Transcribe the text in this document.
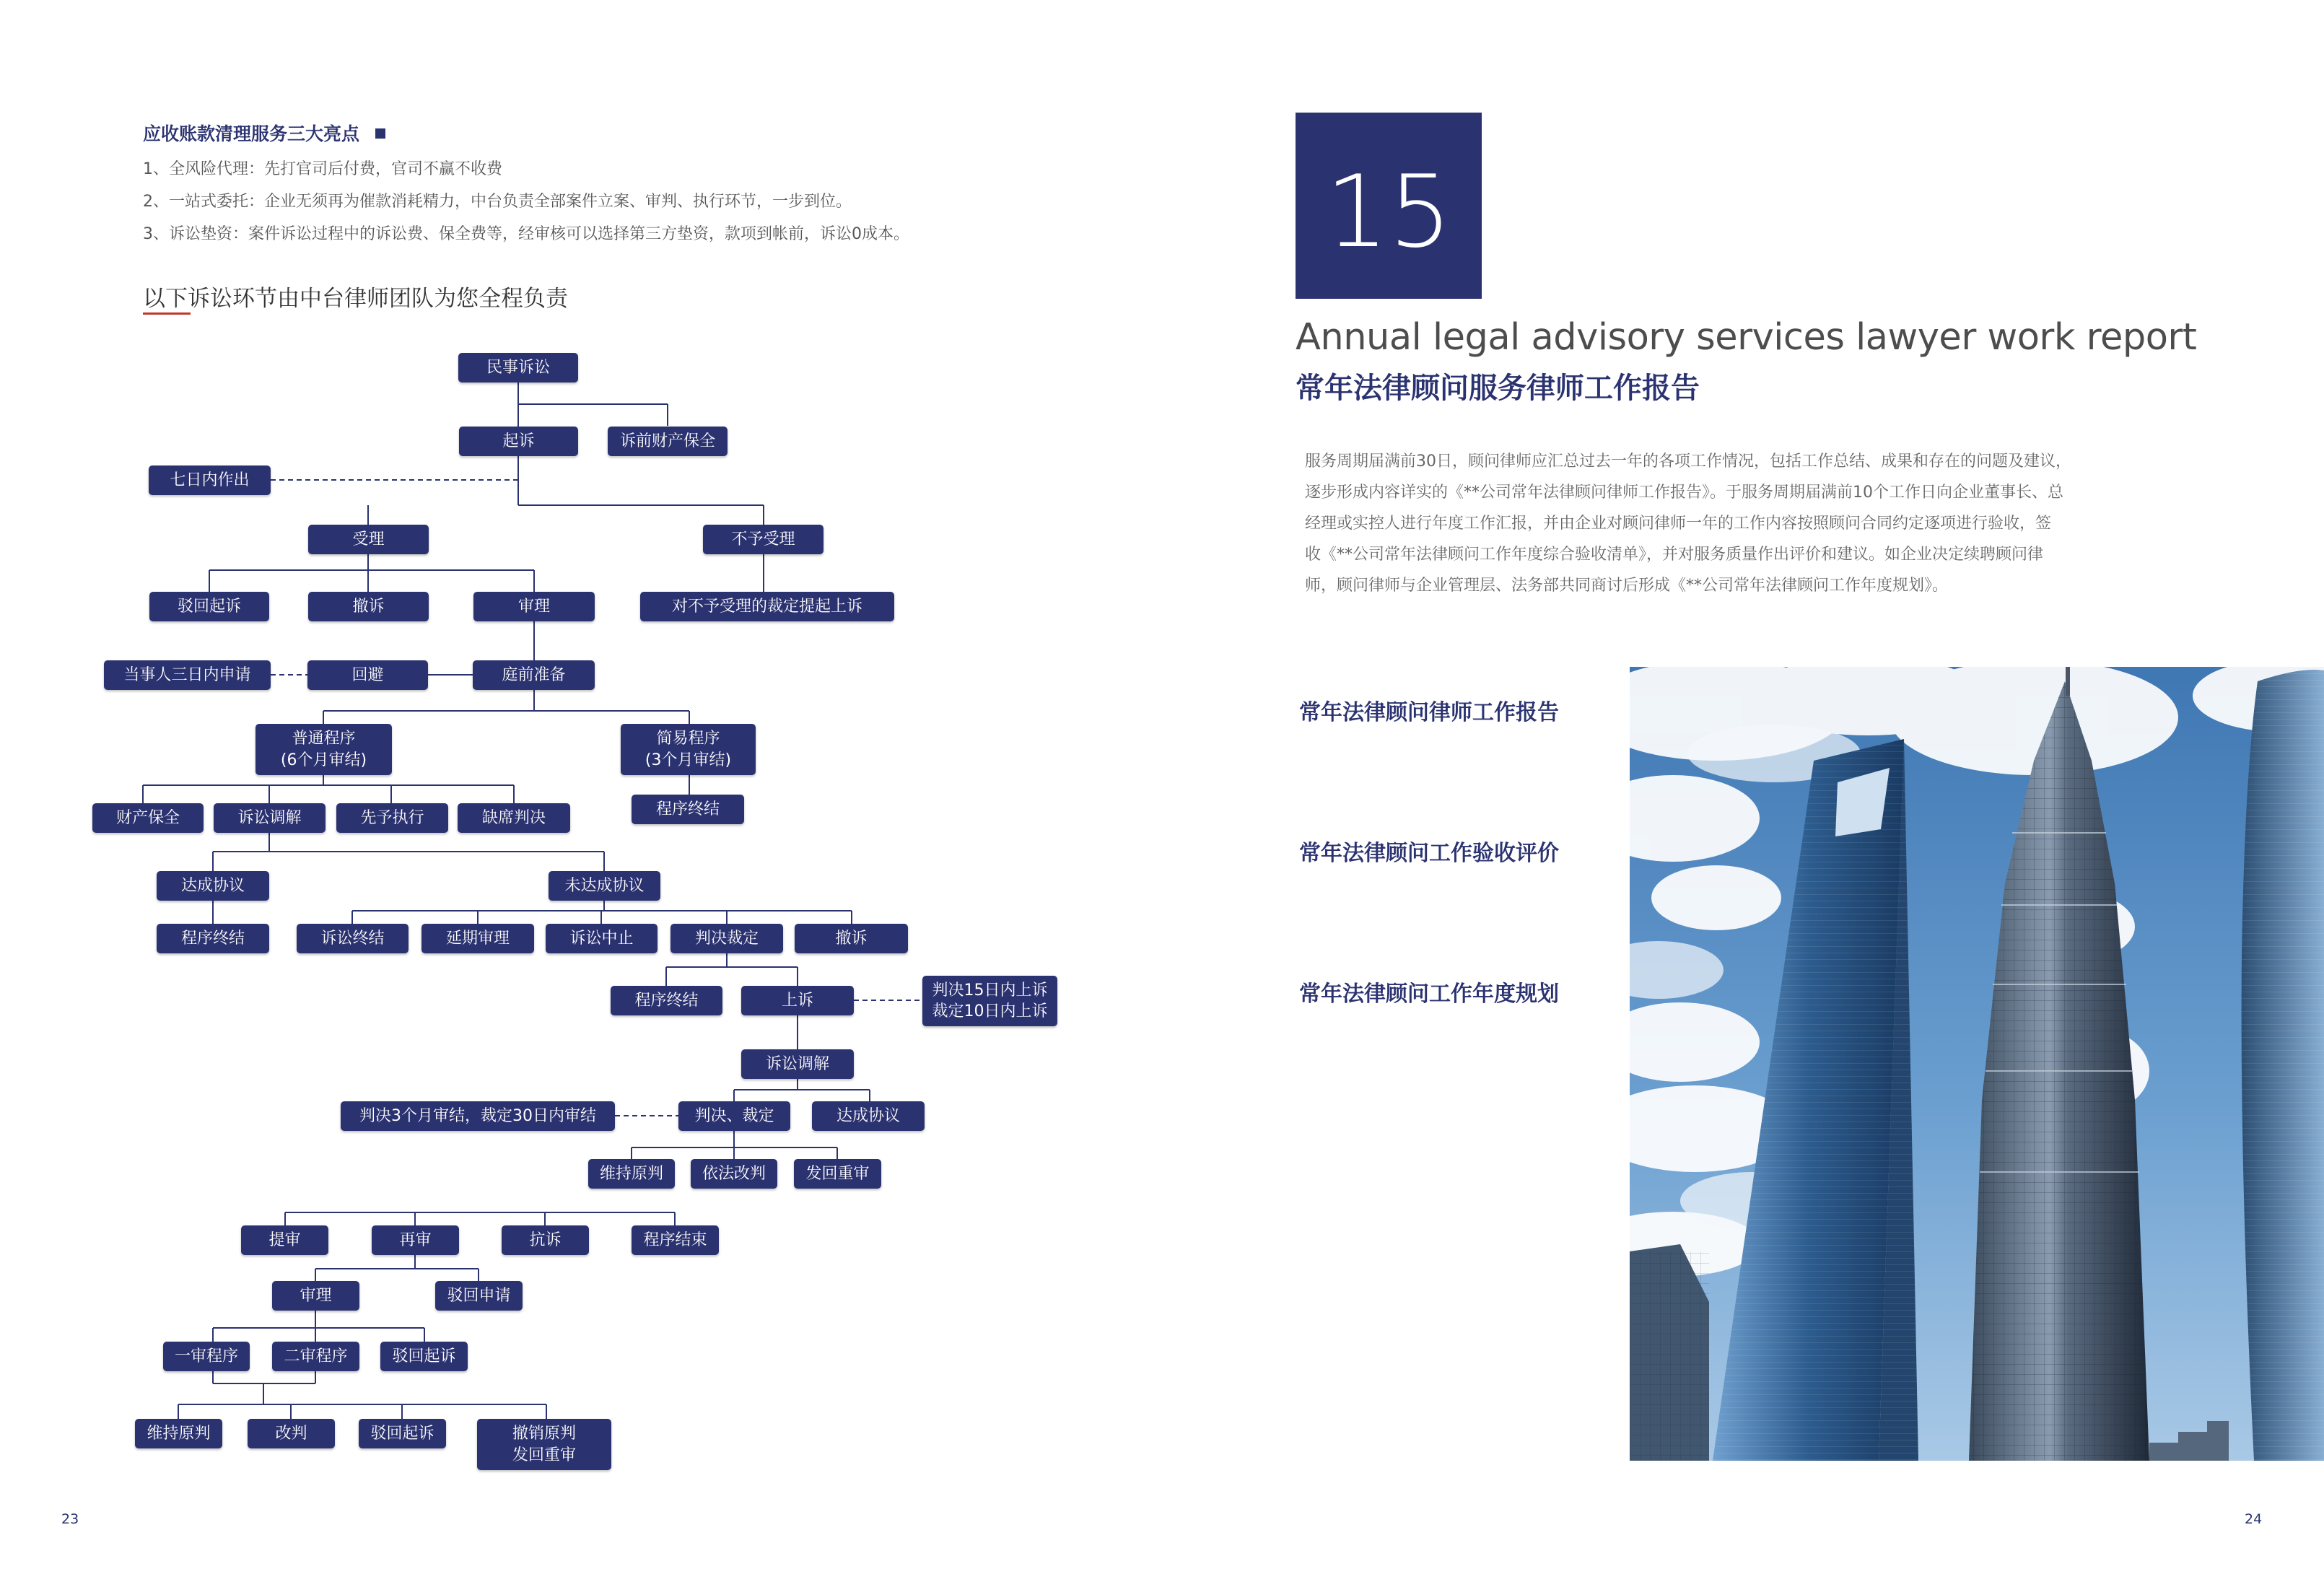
应收账款清理服务三大亮点
1、全风险代理：先打官司后付费，官司不赢不收费
2、一站式委托：企业无须再为催款消耗精力，中台负责全部案件立案、审判、执行环节，一步到位。
3、诉讼垫资：案件诉讼过程中的诉讼费、保全费等，经审核可以选择第三方垫资，款项到帐前，诉讼0成本。
以下诉讼环节由中台律师团队为您全程负责
民事诉讼
起诉	诉前财产保全
七日内作出
受理	不予受理
驳回起诉	撤诉	审理	对不予受理的裁定提起上诉
当事人三日内申请	回避	庭前准备
普通程序
(6个月审结)
简易程序
(3个月审结)
程序终结
财产保全	诉讼调解	先予执行	缺席判决
达成协议	未达成协议
程序终结	诉讼终结	延期审理	诉讼中止	判决裁定	撤诉
程序终结	上诉
判决15日内上诉
裁定10日内上诉
诉讼调解
判决3个月审结，裁定30日内审结	判决、裁定	达成协议
维持原判	依法改判	发回重审
提审	再审	抗诉	程序结束
审理	驳回申请
一审程序	二审程序	驳回起诉
维持原判	改判	驳回起诉	撤销原判
发回重审
23
15
Annual legal advisory services lawyer work report
常年法律顾问服务律师工作报告
服务周期届满前30日，顾问律师应汇总过去一年的各项工作情况，包括工作总结、成果和存在的问题及建议，
逐步形成内容详实的《**公司常年法律顾问律师工作报告》。于服务周期届满前10个工作日向企业董事长、总
经理或实控人进行年度工作汇报，并由企业对顾问律师一年的工作内容按照顾问合同约定逐项进行验收，签
收《**公司常年法律顾问工作年度综合验收清单》，并对服务质量作出评价和建议。如企业决定续聘顾问律
师，顾问律师与企业管理层、法务部共同商讨后形成《**公司常年法律顾问工作年度规划》。
常年法律顾问律师工作报告
常年法律顾问工作验收评价
常年法律顾问工作年度规划
24
